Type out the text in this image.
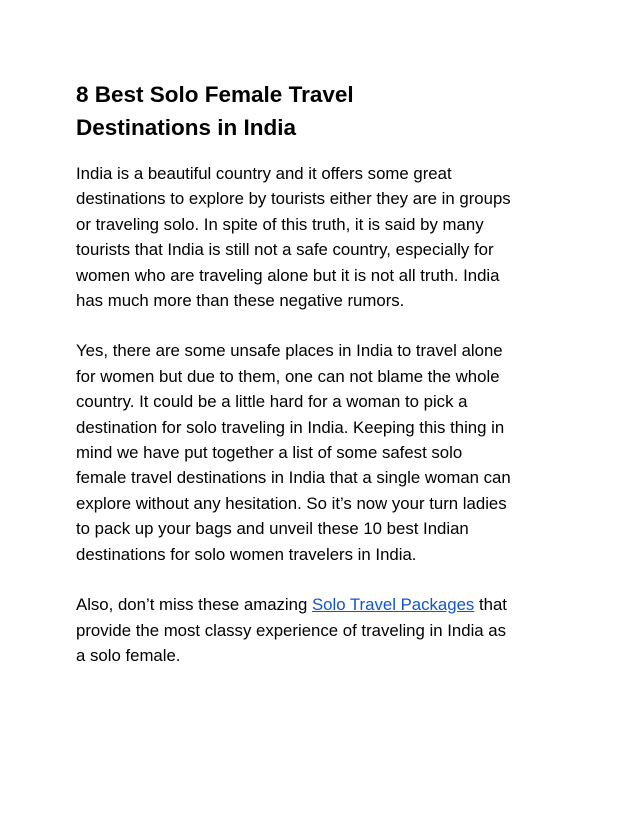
8 Best Solo Female Travel
Destinations in India

India is a beautiful country and it offers some great
destinations to explore by tourists either they are in groups
or traveling solo. In spite of this truth, it is said by many
tourists that India is still not a safe country, especially for
women who are traveling alone but it is not all truth. India
has much more than these negative rumors.

Yes, there are some unsafe places in India to travel alone
for women but due to them, one can not blame the whole
country. It could be a little hard for a woman to pick a
destination for solo traveling in India. Keeping this thing in
mind we have put together a list of some safest solo
female travel destinations in India that a single woman can
explore without any hesitation. So it’s now your turn ladies
to pack up your bags and unveil these 10 best Indian
destinations for solo women travelers in India.

Also, don’t miss these amazing Solo Travel Packages that
provide the most classy experience of traveling in India as
a solo female.
